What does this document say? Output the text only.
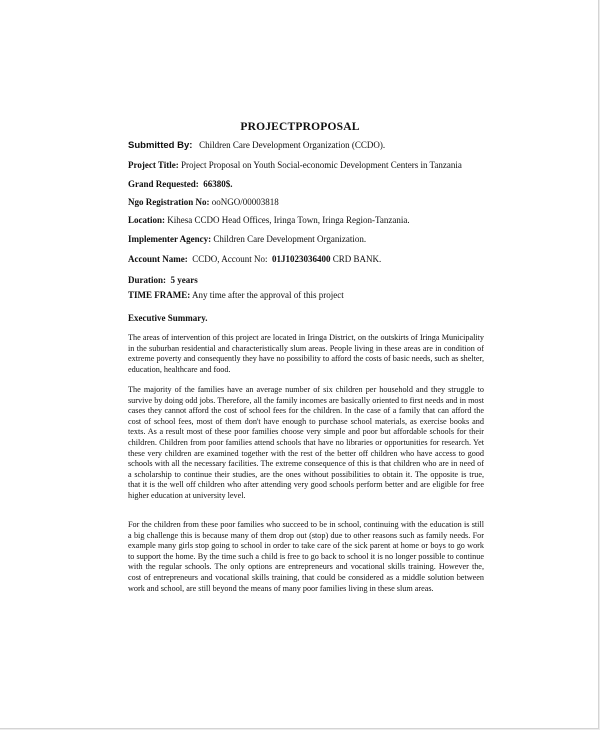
PROJECTPROPOSAL
Submitted By: Children Care Development Organization (CCDO).
Project Title: Project Proposal on Youth Social-economic Development Centers in Tanzania
Grand Requested: 66380$.
Ngo Registration No: ooNGO/00003818
Location: Kihesa CCDO Head Offices, Iringa Town, Iringa Region-Tanzania.
Implementer Agency: Children Care Development Organization.
Account Name: CCDO, Account No: 01J1023036400 CRD BANK.
Duration: 5 years
TIME FRAME: Any time after the approval of this project
Executive Summary.

The areas of intervention of this project are located in Iringa District, on the outskirts of Iringa Municipality in the suburban residential and characteristically slum areas. People living in these areas are in condition of extreme poverty and consequently they have no possibility to afford the costs of basic needs, such as shelter, education, healthcare and food.

The majority of the families have an average number of six children per household and they struggle to survive by doing odd jobs. Therefore, all the family incomes are basically oriented to first needs and in most cases they cannot afford the cost of school fees for the children. In the case of a family that can afford the cost of school fees, most of them don't have enough to purchase school materials, as exercise books and texts. As a result most of these poor families choose very simple and poor but affordable schools for their children. Children from poor families attend schools that have no libraries or opportunities for research. Yet these very children are examined together with the rest of the better off children who have access to good schools with all the necessary facilities. The extreme consequence of this is that children who are in need of a scholarship to continue their studies, are the ones without possibilities to obtain it. The opposite is true, that it is the well off children who after attending very good schools perform better and are eligible for free higher education at university level.

For the children from these poor families who succeed to be in school, continuing with the education is still a big challenge this is because many of them drop out (stop) due to other reasons such as family needs. For example many girls stop going to school in order to take care of the sick parent at home or boys to go work to support the home. By the time such a child is free to go back to school it is no longer possible to continue with the regular schools. The only options are entrepreneurs and vocational skills training. However the, cost of entrepreneurs and vocational skills training, that could be considered as a middle solution between work and school, are still beyond the means of many poor families living in these slum areas.
